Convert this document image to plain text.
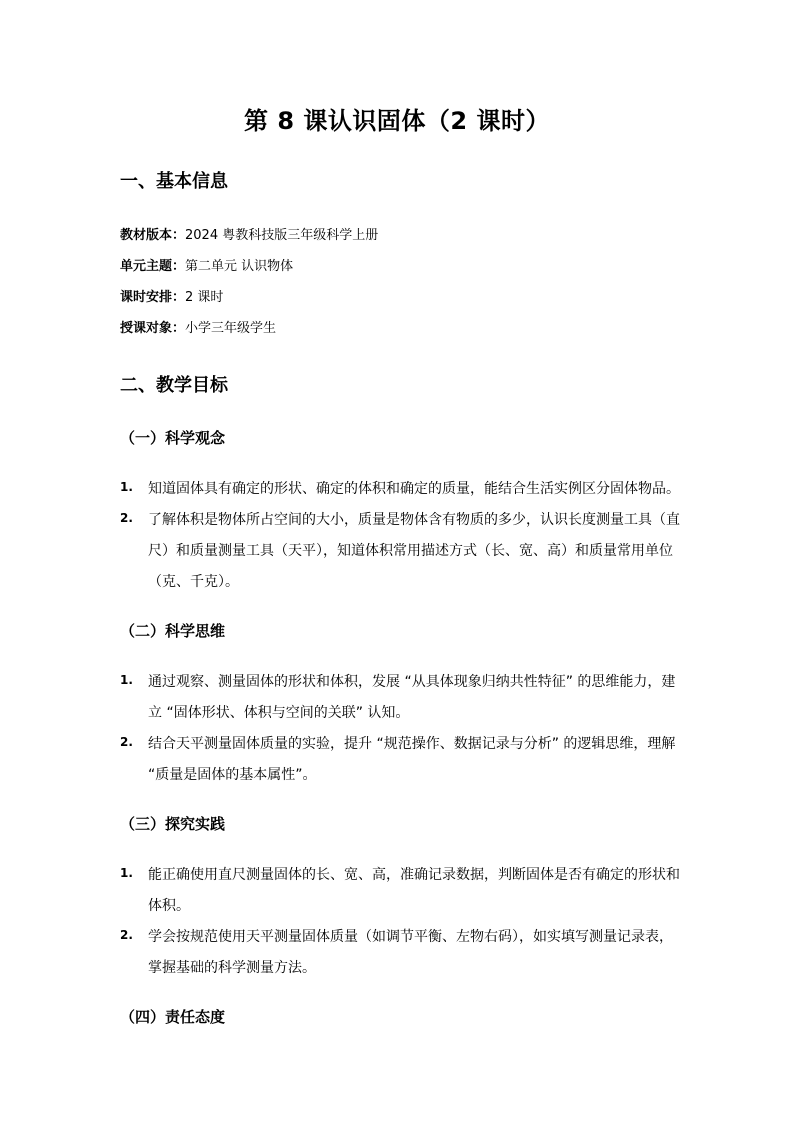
第 8 课认识固体（2 课时）
一、基本信息
教材版本：2024 粤教科技版三年级科学上册
单元主题：第二单元 认识物体
课时安排：2 课时
授课对象：小学三年级学生
二、教学目标
（一）科学观念
1. 知道固体具有确定的形状、确定的体积和确定的质量，能结合生活实例区分固体物品。
2. 了解体积是物体所占空间的大小，质量是物体含有物质的多少，认识长度测量工具（直
尺）和质量测量工具（天平），知道体积常用描述方式（长、宽、高）和质量常用单位
（克、千克）。
（二）科学思维
1. 通过观察、测量固体的形状和体积，发展 “从具体现象归纳共性特征” 的思维能力，建
立 “固体形状、体积与空间的关联” 认知。
2. 结合天平测量固体质量的实验，提升 “规范操作、数据记录与分析” 的逻辑思维，理解
“质量是固体的基本属性”。
（三）探究实践
1. 能正确使用直尺测量固体的长、宽、高，准确记录数据，判断固体是否有确定的形状和
体积。
2. 学会按规范使用天平测量固体质量（如调节平衡、左物右码），如实填写测量记录表，
掌握基础的科学测量方法。
（四）责任态度
